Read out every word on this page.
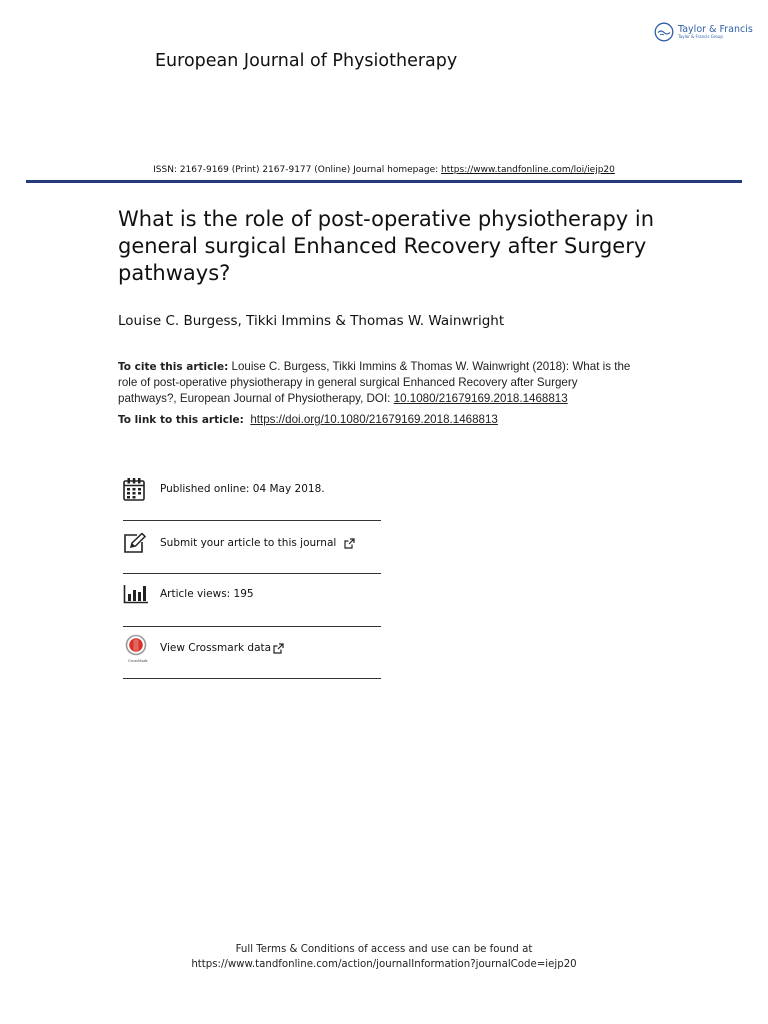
Taylor & Francis
Taylor & Francis Group
European Journal of Physiotherapy
ISSN: 2167-9169 (Print) 2167-9177 (Online) Journal homepage: https://www.tandfonline.com/loi/iejp20
What is the role of post-operative physiotherapy in general surgical Enhanced Recovery after Surgery pathways?
Louise C. Burgess, Tikki Immins & Thomas W. Wainwright
To cite this article: Louise C. Burgess, Tikki Immins & Thomas W. Wainwright (2018): What is the role of post-operative physiotherapy in general surgical Enhanced Recovery after Surgery pathways?, European Journal of Physiotherapy, DOI: 10.1080/21679169.2018.1468813
To link to this article: https://doi.org/10.1080/21679169.2018.1468813
Published online: 04 May 2018.
Submit your article to this journal
Article views: 195
View Crossmark data
CrossMark
Full Terms & Conditions of access and use can be found at
https://www.tandfonline.com/action/journalInformation?journalCode=iejp20
